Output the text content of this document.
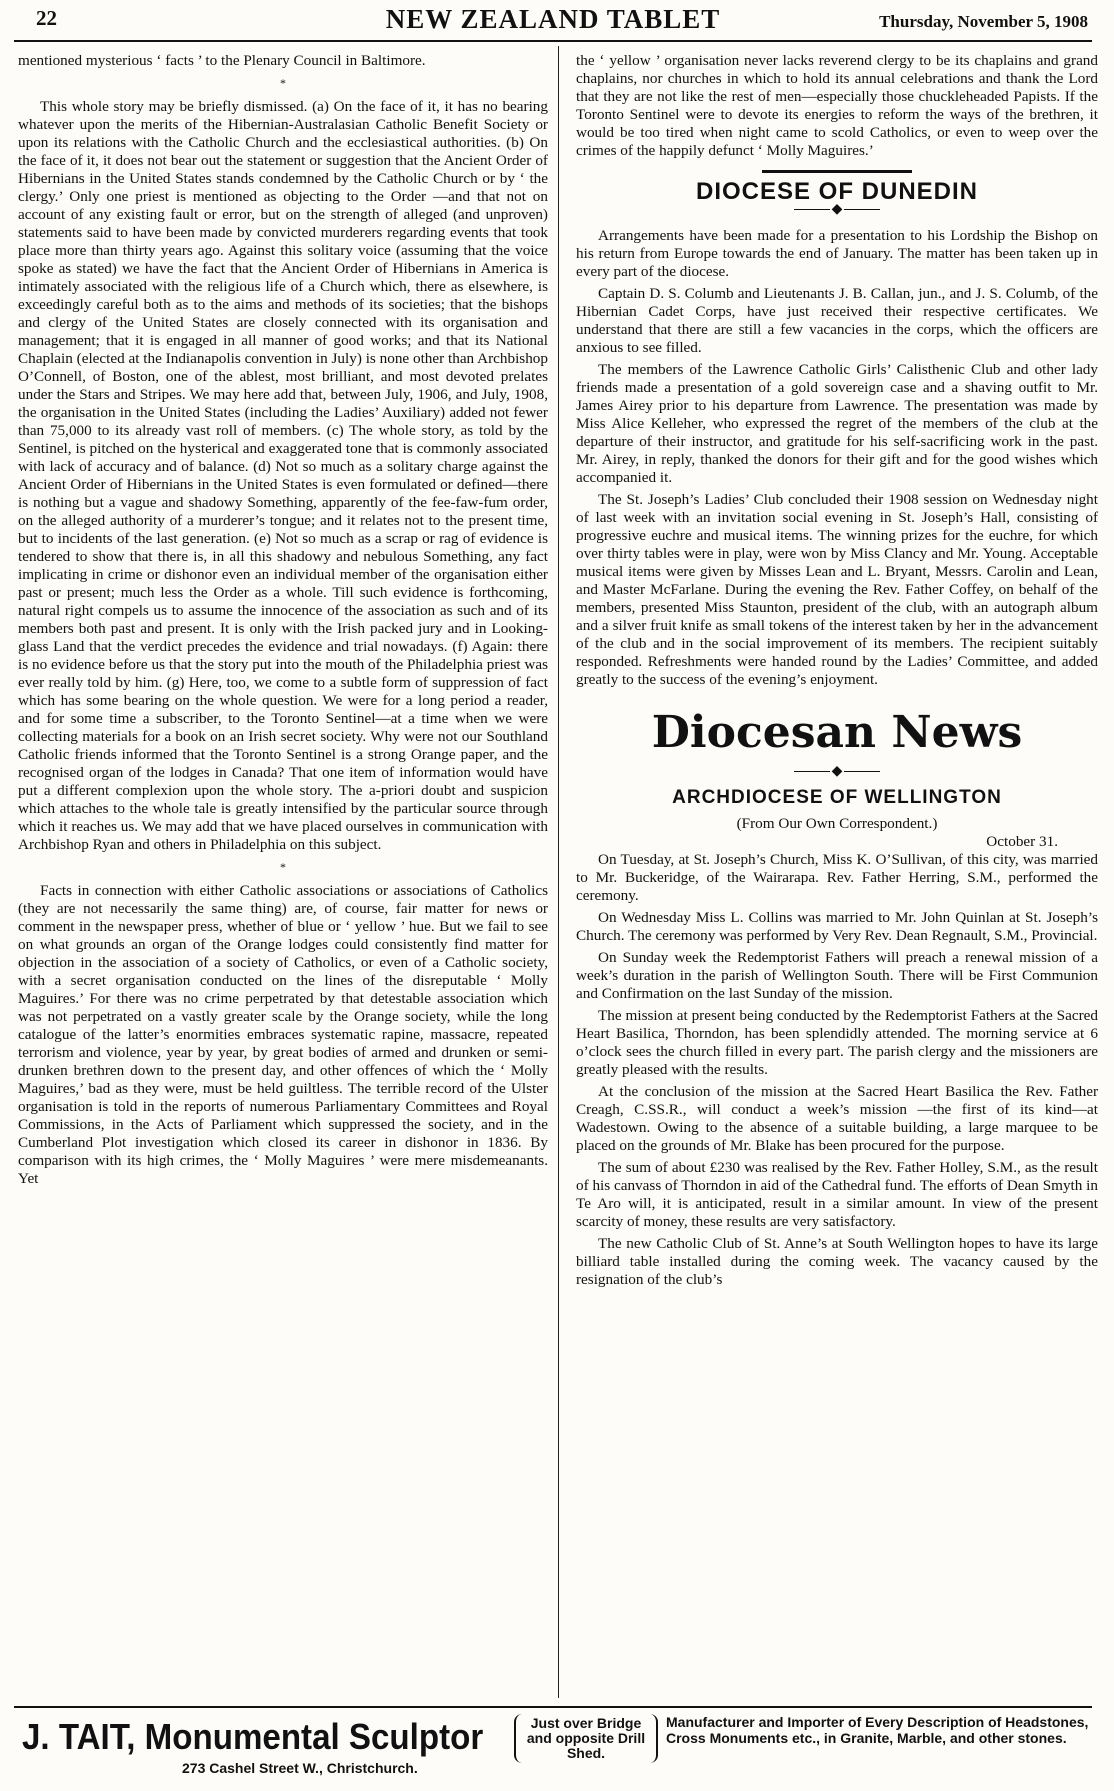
22	NEW ZEALAND TABLET	Thursday, November 5, 1908

mentioned mysterious ‘ facts ’ to the Plenary Council in Baltimore.

*

This whole story may be briefly dismissed. (a) On the face of it, it has no bearing whatever upon the merits of the Hibernian-Australasian Catholic Benefit Society or upon its relations with the Catholic Church and the ecclesiastical authorities. (b) On the face of it, it does not bear out the statement or suggestion that the Ancient Order of Hibernians in the United States stands condemned by the Catholic Church or by ‘ the clergy.’ Only one priest is mentioned as objecting to the Order —and that not on account of any existing fault or error, but on the strength of alleged (and unproven) statements said to have been made by convicted murderers regarding events that took place more than thirty years ago. Against this solitary voice (assuming that the voice spoke as stated) we have the fact that the Ancient Order of Hibernians in America is intimately associated with the religious life of a Church which, there as elsewhere, is exceedingly careful both as to the aims and methods of its societies; that the bishops and clergy of the United States are closely connected with its organisation and management; that it is engaged in all manner of good works; and that its National Chaplain (elected at the Indianapolis convention in July) is none other than Archbishop O’Connell, of Boston, one of the ablest, most brilliant, and most devoted prelates under the Stars and Stripes. We may here add that, between July, 1906, and July, 1908, the organisation in the United States (including the Ladies’ Auxiliary) added not fewer than 75,000 to its already vast roll of members. (c) The whole story, as told by the Sentinel, is pitched on the hysterical and exaggerated tone that is commonly associated with lack of accuracy and of balance. (d) Not so much as a solitary charge against the Ancient Order of Hibernians in the United States is even formulated or defined—there is nothing but a vague and shadowy Something, apparently of the fee-faw-fum order, on the alleged authority of a murderer’s tongue; and it relates not to the present time, but to incidents of the last generation. (e) Not so much as a scrap or rag of evidence is tendered to show that there is, in all this shadowy and nebulous Something, any fact implicating in crime or dishonor even an individual member of the organisation either past or present; much less the Order as a whole. Till such evidence is forthcoming, natural right compels us to assume the innocence of the association as such and of its members both past and present. It is only with the Irish packed jury and in Looking-glass Land that the verdict precedes the evidence and trial nowadays. (f) Again: there is no evidence before us that the story put into the mouth of the Philadelphia priest was ever really told by him. (g) Here, too, we come to a subtle form of suppression of fact which has some bearing on the whole question. We were for a long period a reader, and for some time a subscriber, to the Toronto Sentinel—at a time when we were collecting materials for a book on an Irish secret society. Why were not our Southland Catholic friends informed that the Toronto Sentinel is a strong Orange paper, and the recognised organ of the lodges in Canada? That one item of information would have put a different complexion upon the whole story. The a-priori doubt and suspicion which attaches to the whole tale is greatly intensified by the particular source through which it reaches us. We may add that we have placed ourselves in communication with Archbishop Ryan and others in Philadelphia on this subject.

*

Facts in connection with either Catholic associations or associations of Catholics (they are not necessarily the same thing) are, of course, fair matter for news or comment in the newspaper press, whether of blue or ‘ yellow ’ hue. But we fail to see on what grounds an organ of the Orange lodges could consistently find matter for objection in the association of a society of Catholics, or even of a Catholic society, with a secret organisation conducted on the lines of the disreputable ‘ Molly Maguires.’ For there was no crime perpetrated by that detestable association which was not perpetrated on a vastly greater scale by the Orange society, while the long catalogue of the latter’s enormities embraces systematic rapine, massacre, repeated terrorism and violence, year by year, by great bodies of armed and drunken or semi-drunken brethren down to the present day, and other offences of which the ‘ Molly Maguires,’ bad as they were, must be held guiltless. The terrible record of the Ulster organisation is told in the reports of numerous Parliamentary Committees and Royal Commissions, in the Acts of Parliament which suppressed the society, and in the Cumberland Plot investigation which closed its career in dishonor in 1836. By comparison with its high crimes, the ‘ Molly Maguires ’ were mere misdemeanants. Yet

the ‘ yellow ’ organisation never lacks reverend clergy to be its chaplains and grand chaplains, nor churches in which to hold its annual celebrations and thank the Lord that they are not like the rest of men—especially those chuckleheaded Papists. If the Toronto Sentinel were to devote its energies to reform the ways of the brethren, it would be too tired when night came to scold Catholics, or even to weep over the crimes of the happily defunct ‘ Molly Maguires.’

DIOCESE OF DUNEDIN
◆

Arrangements have been made for a presentation to his Lordship the Bishop on his return from Europe towards the end of January. The matter has been taken up in every part of the diocese.

Captain D. S. Columb and Lieutenants J. B. Callan, jun., and J. S. Columb, of the Hibernian Cadet Corps, have just received their respective certificates. We understand that there are still a few vacancies in the corps, which the officers are anxious to see filled.

The members of the Lawrence Catholic Girls’ Calisthenic Club and other lady friends made a presentation of a gold sovereign case and a shaving outfit to Mr. James Airey prior to his departure from Lawrence. The presentation was made by Miss Alice Kelleher, who expressed the regret of the members of the club at the departure of their instructor, and gratitude for his self-sacrificing work in the past. Mr. Airey, in reply, thanked the donors for their gift and for the good wishes which accompanied it.

The St. Joseph’s Ladies’ Club concluded their 1908 session on Wednesday night of last week with an invitation social evening in St. Joseph’s Hall, consisting of progressive euchre and musical items. The winning prizes for the euchre, for which over thirty tables were in play, were won by Miss Clancy and Mr. Young. Acceptable musical items were given by Misses Lean and L. Bryant, Messrs. Carolin and Lean, and Master McFarlane. During the evening the Rev. Father Coffey, on behalf of the members, presented Miss Staunton, president of the club, with an autograph album and a silver fruit knife as small tokens of the interest taken by her in the advancement of the club and in the social improvement of its members. The recipient suitably responded. Refreshments were handed round by the Ladies’ Committee, and added greatly to the success of the evening’s enjoyment.

Diocesan News
◆
ARCHDIOCESE OF WELLINGTON
(From Our Own Correspondent.)
October 31.

On Tuesday, at St. Joseph’s Church, Miss K. O’Sullivan, of this city, was married to Mr. Buckeridge, of the Wairarapa. Rev. Father Herring, S.M., performed the ceremony.

On Wednesday Miss L. Collins was married to Mr. John Quinlan at St. Joseph’s Church. The ceremony was performed by Very Rev. Dean Regnault, S.M., Provincial.

On Sunday week the Redemptorist Fathers will preach a renewal mission of a week’s duration in the parish of Wellington South. There will be First Communion and Confirmation on the last Sunday of the mission.

The mission at present being conducted by the Redemptorist Fathers at the Sacred Heart Basilica, Thorndon, has been splendidly attended. The morning service at 6 o’clock sees the church filled in every part. The parish clergy and the missioners are greatly pleased with the results.

At the conclusion of the mission at the Sacred Heart Basilica the Rev. Father Creagh, C.SS.R., will conduct a week’s mission —the first of its kind—at Wadestown. Owing to the absence of a suitable building, a large marquee to be placed on the grounds of Mr. Blake has been procured for the purpose.

The sum of about £230 was realised by the Rev. Father Holley, S.M., as the result of his canvass of Thorndon in aid of the Cathedral fund. The efforts of Dean Smyth in Te Aro will, it is anticipated, result in a similar amount. In view of the present scarcity of money, these results are very satisfactory.

The new Catholic Club of St. Anne’s at South Wellington hopes to have its large billiard table installed during the coming week. The vacancy caused by the resignation of the club’s

J. TAIT, Monumental Sculptor
273 Cashel Street W., Christchurch.
Just over Bridge and opposite Drill Shed.
Manufacturer and Importer of Every Description of Headstones, Cross Monuments etc., in Granite, Marble, and other stones.
